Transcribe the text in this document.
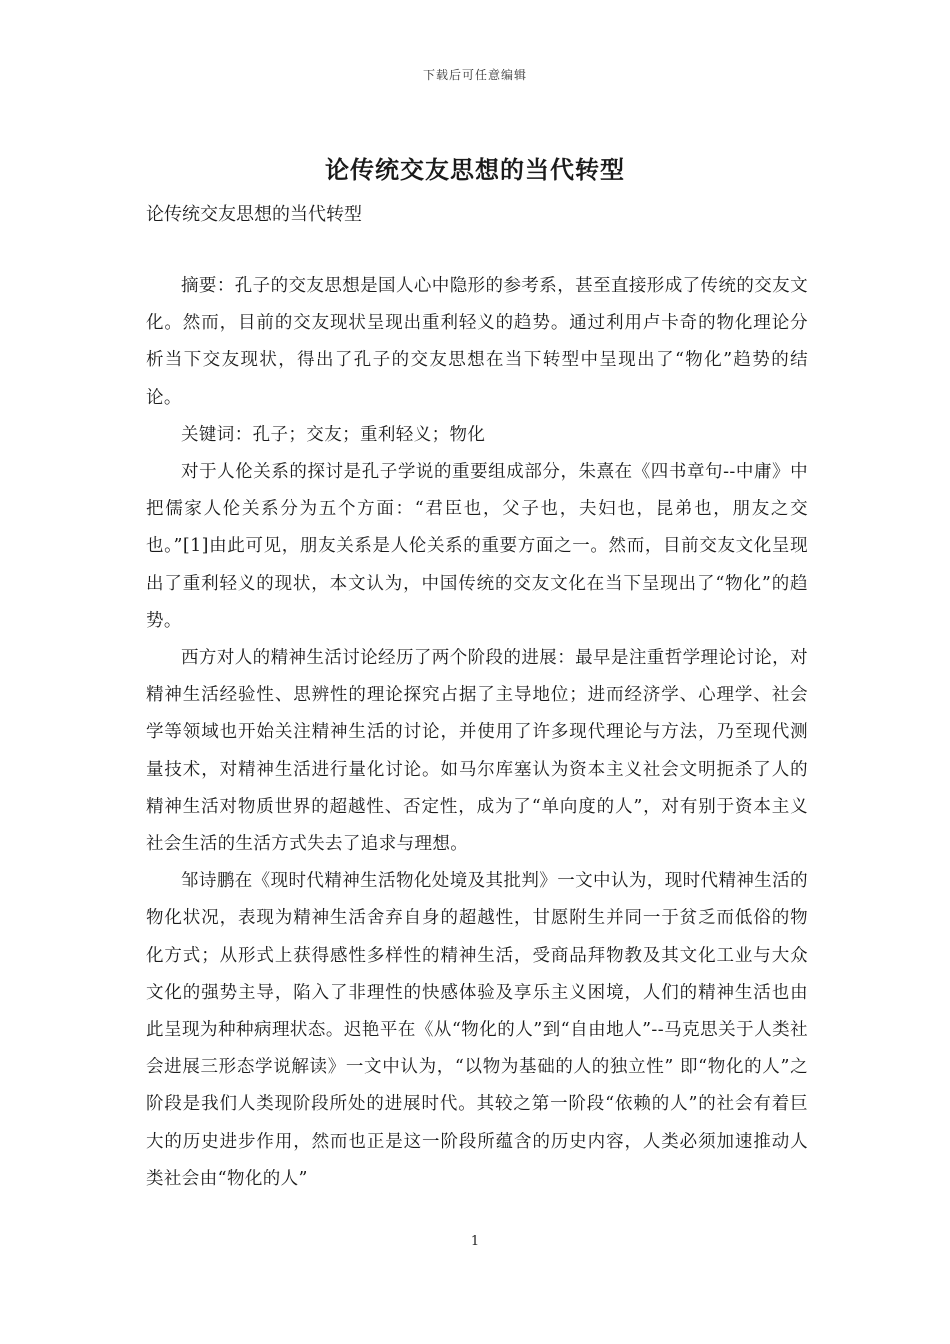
下载后可任意编辑
论传统交友思想的当代转型
论传统交友思想的当代转型

摘要：孔子的交友思想是国人心中隐形的参考系，甚至直接形成了传统的交友文化。然而，目前的交友现状呈现出重利轻义的趋势。通过利用卢卡奇的物化理论分析当下交友现状，得出了孔子的交友思想在当下转型中呈现出了“物化”趋势的结论。

关键词：孔子；交友；重利轻义；物化

对于人伦关系的探讨是孔子学说的重要组成部分，朱熹在《四书章句--中庸》中把儒家人伦关系分为五个方面：“君臣也，父子也，夫妇也，昆弟也，朋友之交也。”[1]由此可见，朋友关系是人伦关系的重要方面之一。然而，目前交友文化呈现出了重利轻义的现状，本文认为，中国传统的交友文化在当下呈现出了“物化”的趋势。

西方对人的精神生活讨论经历了两个阶段的进展：最早是注重哲学理论讨论，对精神生活经验性、思辨性的理论探究占据了主导地位；进而经济学、心理学、社会学等领域也开始关注精神生活的讨论，并使用了许多现代理论与方法，乃至现代测量技术，对精神生活进行量化讨论。如马尔库塞认为资本主义社会文明扼杀了人的精神生活对物质世界的超越性、否定性，成为了“单向度的人”，对有别于资本主义社会生活的生活方式失去了追求与理想。

邹诗鹏在《现时代精神生活物化处境及其批判》一文中认为，现时代精神生活的物化状况，表现为精神生活舍弃自身的超越性，甘愿附生并同一于贫乏而低俗的物化方式；从形式上获得感性多样性的精神生活，受商品拜物教及其文化工业与大众文化的强势主导，陷入了非理性的快感体验及享乐主义困境，人们的精神生活也由此呈现为种种病理状态。迟艳平在《从“物化的人”到“自由地人”--马克思关于人类社会进展三形态学说解读》一文中认为，“以物为基础的人的独立性” 即“物化的人”之阶段是我们人类现阶段所处的进展时代。其较之第一阶段“依赖的人”的社会有着巨大的历史进步作用，然而也正是这一阶段所蕴含的历史内容，人类必须加速推动人类社会由“物化的人”

1
